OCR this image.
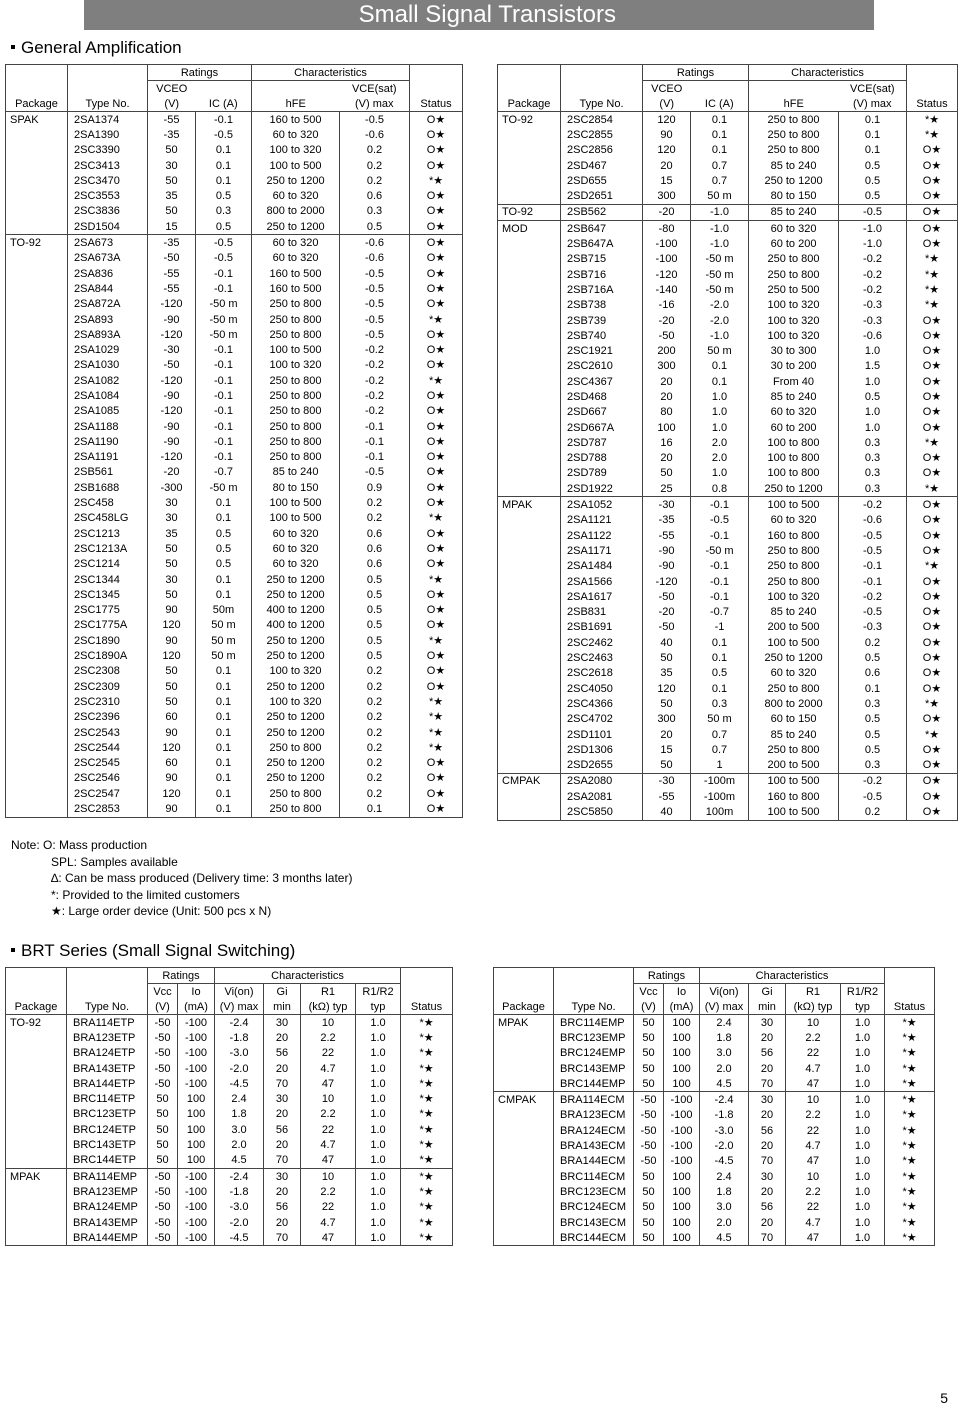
Small Signal Transistors
General Amplification
		Ratings		Characteristics		
		VCEO			VCE(sat)	
Package	Type No.	(V)	IC (A)	hFE	(V) max	Status
SPAK	2SA1374	-55	-0.1	160 to 500	-0.5	O★
	2SA1390	-35	-0.5	60 to 320	-0.6	O★
	2SC3390	50	0.1	100 to 320	0.2	O★
	2SC3413	30	0.1	100 to 500	0.2	O★
	2SC3470	50	0.1	250 to 1200	0.2	*★
	2SC3553	35	0.5	60 to 320	0.6	O★
	2SC3836	50	0.3	800 to 2000	0.3	O★
	2SD1504	15	0.5	250 to 1200	0.5	O★
TO-92	2SA673	-35	-0.5	60 to 320	-0.6	O★
	2SA673A	-50	-0.5	60 to 320	-0.6	O★
	2SA836	-55	-0.1	160 to 500	-0.5	O★
	2SA844	-55	-0.1	160 to 500	-0.5	O★
	2SA872A	-120	-50 m	250 to 800	-0.5	O★
	2SA893	-90	-50 m	250 to 800	-0.5	*★
	2SA893A	-120	-50 m	250 to 800	-0.5	O★
	2SA1029	-30	-0.1	100 to 500	-0.2	O★
	2SA1030	-50	-0.1	100 to 320	-0.2	O★
	2SA1082	-120	-0.1	250 to 800	-0.2	*★
	2SA1084	-90	-0.1	250 to 800	-0.2	O★
	2SA1085	-120	-0.1	250 to 800	-0.2	O★
	2SA1188	-90	-0.1	250 to 800	-0.1	O★
	2SA1190	-90	-0.1	250 to 800	-0.1	O★
	2SA1191	-120	-0.1	250 to 800	-0.1	O★
	2SB561	-20	-0.7	85 to 240	-0.5	O★
	2SB1688	-300	-50 m	80 to 150	0.9	O★
	2SC458	30	0.1	100 to 500	0.2	O★
	2SC458LG	30	0.1	100 to 500	0.2	*★
	2SC1213	35	0.5	60 to 320	0.6	O★
	2SC1213A	50	0.5	60 to 320	0.6	O★
	2SC1214	50	0.5	60 to 320	0.6	O★
	2SC1344	30	0.1	250 to 1200	0.5	*★
	2SC1345	50	0.1	250 to 1200	0.5	O★
	2SC1775	90	50m	400 to 1200	0.5	O★
	2SC1775A	120	50 m	400 to 1200	0.5	O★
	2SC1890	90	50 m	250 to 1200	0.5	*★
	2SC1890A	120	50 m	250 to 1200	0.5	O★
	2SC2308	50	0.1	100 to 320	0.2	O★
	2SC2309	50	0.1	250 to 1200	0.2	O★
	2SC2310	50	0.1	100 to 320	0.2	*★
	2SC2396	60	0.1	250 to 1200	0.2	*★
	2SC2543	90	0.1	250 to 1200	0.2	*★
	2SC2544	120	0.1	250 to 800	0.2	*★
	2SC2545	60	0.1	250 to 1200	0.2	O★
	2SC2546	90	0.1	250 to 1200	0.2	O★
	2SC2547	120	0.1	250 to 800	0.2	O★
	2SC2853	90	0.1	250 to 800	0.1	O★
		Ratings		Characteristics		
		VCEO			VCE(sat)	
Package	Type No.	(V)	IC (A)	hFE	(V) max	Status
TO-92	2SC2854	120	0.1	250 to 800	0.1	*★
	2SC2855	90	0.1	250 to 800	0.1	*★
	2SC2856	120	0.1	250 to 800	0.1	O★
	2SD467	20	0.7	85 to 240	0.5	O★
	2SD655	15	0.7	250 to 1200	0.5	O★
	2SD2651	300	50 m	80 to 150	0.5	O★
TO-92	2SB562	-20	-1.0	85 to 240	-0.5	O★
MOD	2SB647	-80	-1.0	60 to 320	-1.0	O★
	2SB647A	-100	-1.0	60 to 200	-1.0	O★
	2SB715	-100	-50 m	250 to 800	-0.2	*★
	2SB716	-120	-50 m	250 to 800	-0.2	*★
	2SB716A	-140	-50 m	250 to 500	-0.2	*★
	2SB738	-16	-2.0	100 to 320	-0.3	*★
	2SB739	-20	-2.0	100 to 320	-0.3	O★
	2SB740	-50	-1.0	100 to 320	-0.6	O★
	2SC1921	200	50 m	30 to 300	1.0	O★
	2SC2610	300	0.1	30 to 200	1.5	O★
	2SC4367	20	0.1	From 40	1.0	O★
	2SD468	20	1.0	85 to 240	0.5	O★
	2SD667	80	1.0	60 to 320	1.0	O★
	2SD667A	100	1.0	60 to 200	1.0	O★
	2SD787	16	2.0	100 to 800	0.3	*★
	2SD788	20	2.0	100 to 800	0.3	O★
	2SD789	50	1.0	100 to 800	0.3	O★
	2SD1922	25	0.8	250 to 1200	0.3	*★
MPAK	2SA1052	-30	-0.1	100 to 500	-0.2	O★
	2SA1121	-35	-0.5	60 to 320	-0.6	O★
	2SA1122	-55	-0.1	160 to 800	-0.5	O★
	2SA1171	-90	-50 m	250 to 800	-0.5	O★
	2SA1484	-90	-0.1	250 to 800	-0.1	*★
	2SA1566	-120	-0.1	250 to 800	-0.1	O★
	2SA1617	-50	-0.1	100 to 320	-0.2	O★
	2SB831	-20	-0.7	85 to 240	-0.5	O★
	2SB1691	-50	-1	200 to 500	-0.3	O★
	2SC2462	40	0.1	100 to 500	0.2	O★
	2SC2463	50	0.1	250 to 1200	0.5	O★
	2SC2618	35	0.5	60 to 320	0.6	O★
	2SC4050	120	0.1	250 to 800	0.1	O★
	2SC4366	50	0.3	800 to 2000	0.3	*★
	2SC4702	300	50 m	60 to 150	0.5	O★
	2SD1101	20	0.7	85 to 240	0.5	*★
	2SD1306	15	0.7	250 to 800	0.5	O★
	2SD2655	50	1	200 to 500	0.3	O★
CMPAK	2SA2080	-30	-100m	100 to 500	-0.2	O★
	2SA2081	-55	-100m	160 to 800	-0.5	O★
	2SC5850	40	100m	100 to 500	0.2	O★
Note: O: Mass production
SPL: Samples available
∆: Can be mass produced (Delivery time: 3 months later)
*: Provided to the limited customers
★: Large order device (Unit: 500 pcs x N)
BRT Series (Small Signal Switching)
		Ratings		Characteristics				
		Vcc	Io	Vi(on)	Gi	R1	R1/R2	
Package	Type No.	(V)	(mA)	(V) max	min	(kΩ) typ	typ	Status
TO-92	BRA114ETP	-50	-100	-2.4	30	10	1.0	*★
	BRA123ETP	-50	-100	-1.8	20	2.2	1.0	*★
	BRA124ETP	-50	-100	-3.0	56	22	1.0	*★
	BRA143ETP	-50	-100	-2.0	20	4.7	1.0	*★
	BRA144ETP	-50	-100	-4.5	70	47	1.0	*★
	BRC114ETP	50	100	2.4	30	10	1.0	*★
	BRC123ETP	50	100	1.8	20	2.2	1.0	*★
	BRC124ETP	50	100	3.0	56	22	1.0	*★
	BRC143ETP	50	100	2.0	20	4.7	1.0	*★
	BRC144ETP	50	100	4.5	70	47	1.0	*★
MPAK	BRA114EMP	-50	-100	-2.4	30	10	1.0	*★
	BRA123EMP	-50	-100	-1.8	20	2.2	1.0	*★
	BRA124EMP	-50	-100	-3.0	56	22	1.0	*★
	BRA143EMP	-50	-100	-2.0	20	4.7	1.0	*★
	BRA144EMP	-50	-100	-4.5	70	47	1.0	*★
		Ratings		Characteristics				
		Vcc	Io	Vi(on)	Gi	R1	R1/R2	
Package	Type No.	(V)	(mA)	(V) max	min	(kΩ) typ	typ	Status
MPAK	BRC114EMP	50	100	2.4	30	10	1.0	*★
	BRC123EMP	50	100	1.8	20	2.2	1.0	*★
	BRC124EMP	50	100	3.0	56	22	1.0	*★
	BRC143EMP	50	100	2.0	20	4.7	1.0	*★
	BRC144EMP	50	100	4.5	70	47	1.0	*★
CMPAK	BRA114ECM	-50	-100	-2.4	30	10	1.0	*★
	BRA123ECM	-50	-100	-1.8	20	2.2	1.0	*★
	BRA124ECM	-50	-100	-3.0	56	22	1.0	*★
	BRA143ECM	-50	-100	-2.0	20	4.7	1.0	*★
	BRA144ECM	-50	-100	-4.5	70	47	1.0	*★
	BRC114ECM	50	100	2.4	30	10	1.0	*★
	BRC123ECM	50	100	1.8	20	2.2	1.0	*★
	BRC124ECM	50	100	3.0	56	22	1.0	*★
	BRC143ECM	50	100	2.0	20	4.7	1.0	*★
	BRC144ECM	50	100	4.5	70	47	1.0	*★
5
